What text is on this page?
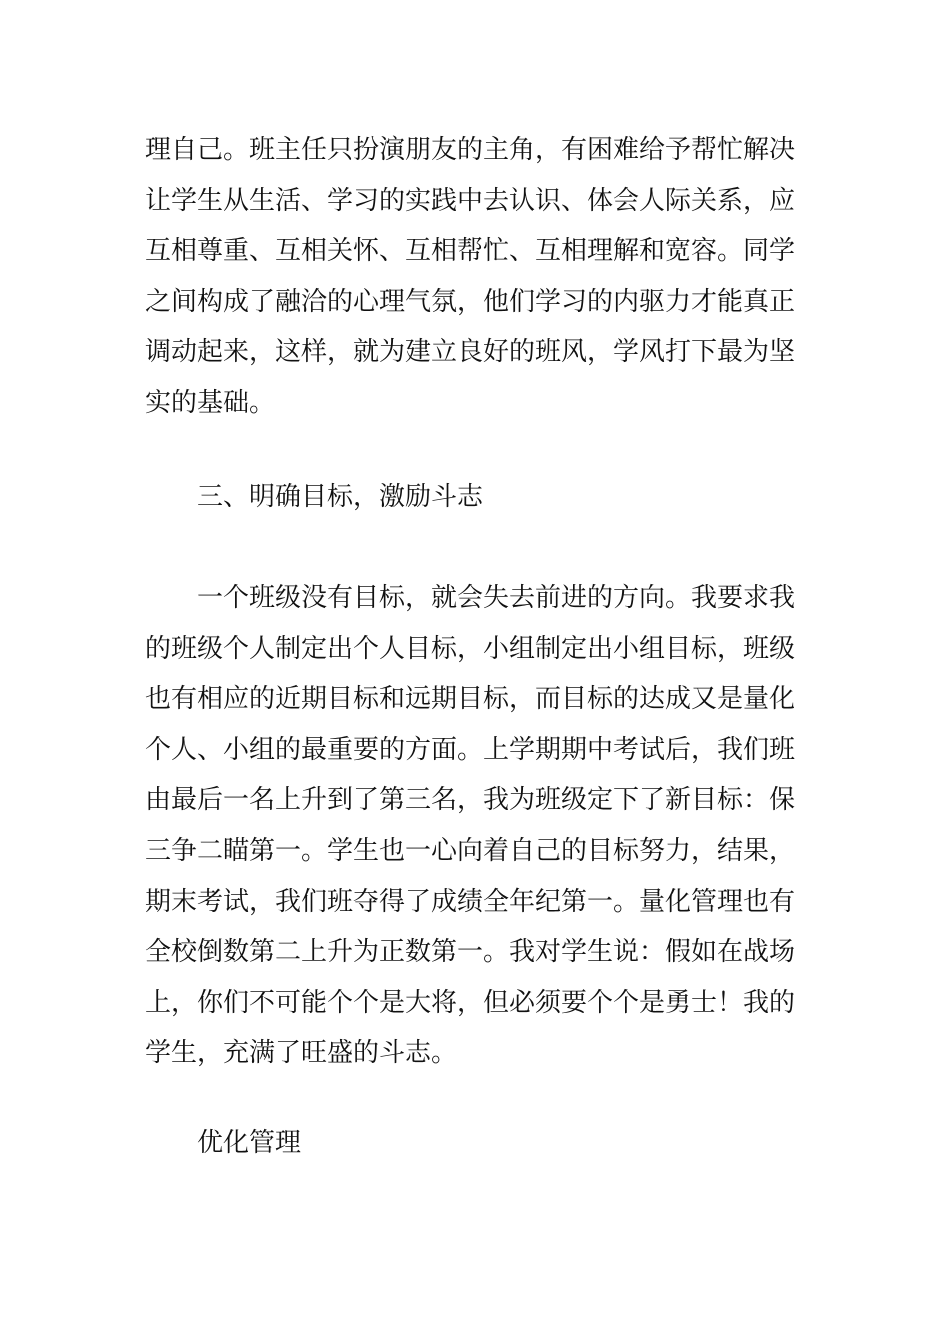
理自己。班主任只扮演朋友的主角，有困难给予帮忙解决
让学生从生活、学习的实践中去认识、体会人际关系，应
互相尊重、互相关怀、互相帮忙、互相理解和宽容。同学
之间构成了融洽的心理气氛，他们学习的内驱力才能真正
调动起来，这样，就为建立良好的班风，学风打下最为坚
实的基础。
三、明确目标，激励斗志
一个班级没有目标，就会失去前进的方向。我要求我
的班级个人制定出个人目标，小组制定出小组目标，班级
也有相应的近期目标和远期目标，而目标的达成又是量化
个人、小组的最重要的方面。上学期期中考试后，我们班
由最后一名上升到了第三名，我为班级定下了新目标：保
三争二瞄第一。学生也一心向着自己的目标努力，结果，
期末考试，我们班夺得了成绩全年纪第一。量化管理也有
全校倒数第二上升为正数第一。我对学生说：假如在战场
上，你们不可能个个是大将，但必须要个个是勇士！我的
学生，充满了旺盛的斗志。
优化管理
